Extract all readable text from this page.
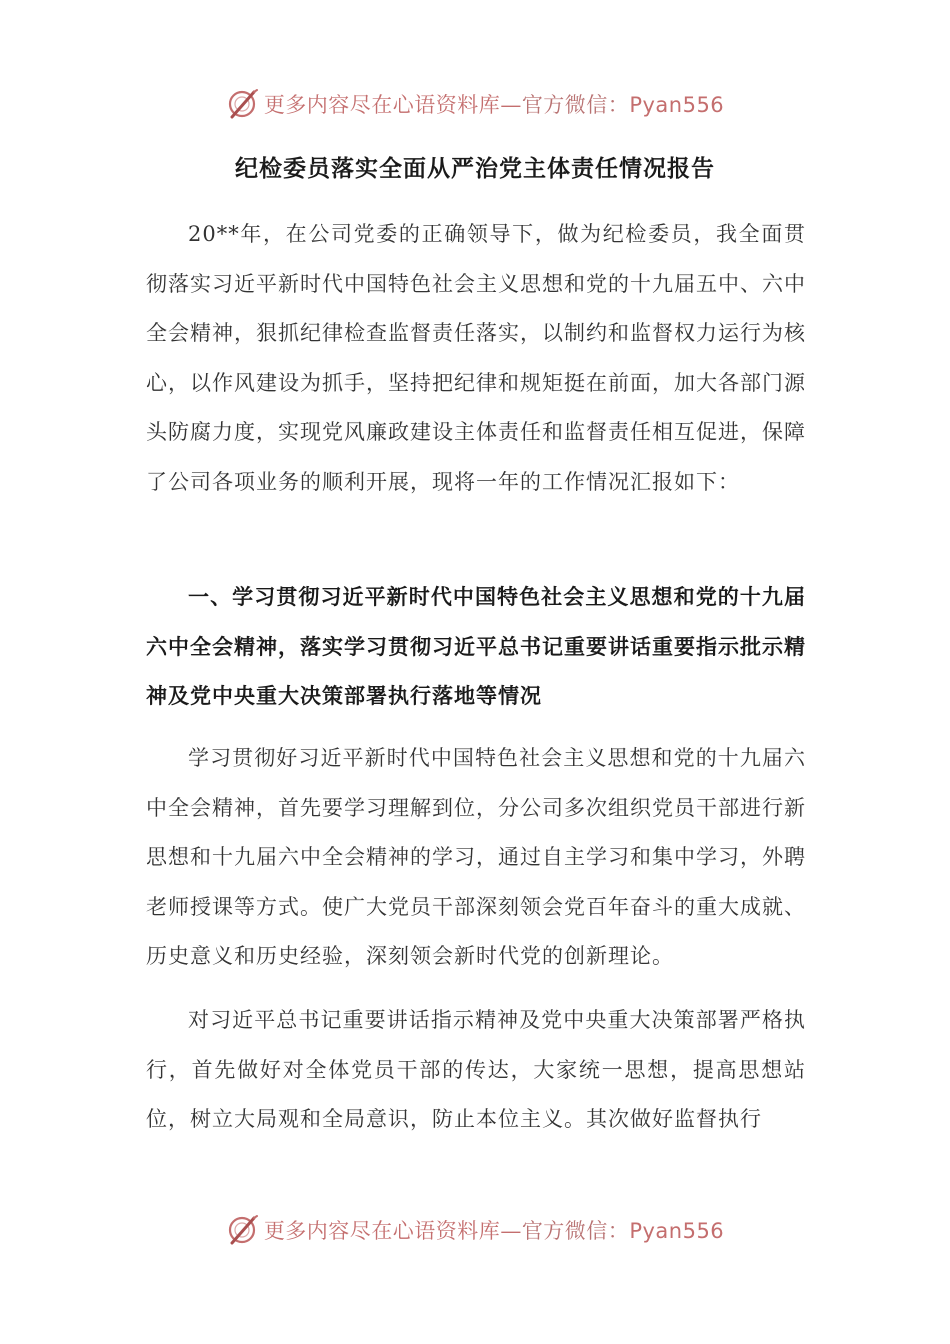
更多内容尽在心语资料库—官方微信：Pyan556
纪检委员落实全面从严治党主体责任情况报告

20**年，在公司党委的正确领导下，做为纪检委员，我全面贯彻落实习近平新时代中国特色社会主义思想和党的十九届五中、六中全会精神，狠抓纪律检查监督责任落实，以制约和监督权力运行为核心，以作风建设为抓手，坚持把纪律和规矩挺在前面，加大各部门源头防腐力度，实现党风廉政建设主体责任和监督责任相互促进，保障了公司各项业务的顺利开展，现将一年的工作情况汇报如下：

一、学习贯彻习近平新时代中国特色社会主义思想和党的十九届六中全会精神，落实学习贯彻习近平总书记重要讲话重要指示批示精神及党中央重大决策部署执行落地等情况

学习贯彻好习近平新时代中国特色社会主义思想和党的十九届六中全会精神，首先要学习理解到位，分公司多次组织党员干部进行新思想和十九届六中全会精神的学习，通过自主学习和集中学习，外聘老师授课等方式。使广大党员干部深刻领会党百年奋斗的重大成就、历史意义和历史经验，深刻领会新时代党的创新理论。

对习近平总书记重要讲话指示精神及党中央重大决策部署严格执行，首先做好对全体党员干部的传达，大家统一思想，提高思想站位，树立大局观和全局意识，防止本位主义。其次做好监督执行

更多内容尽在心语资料库—官方微信：Pyan556
